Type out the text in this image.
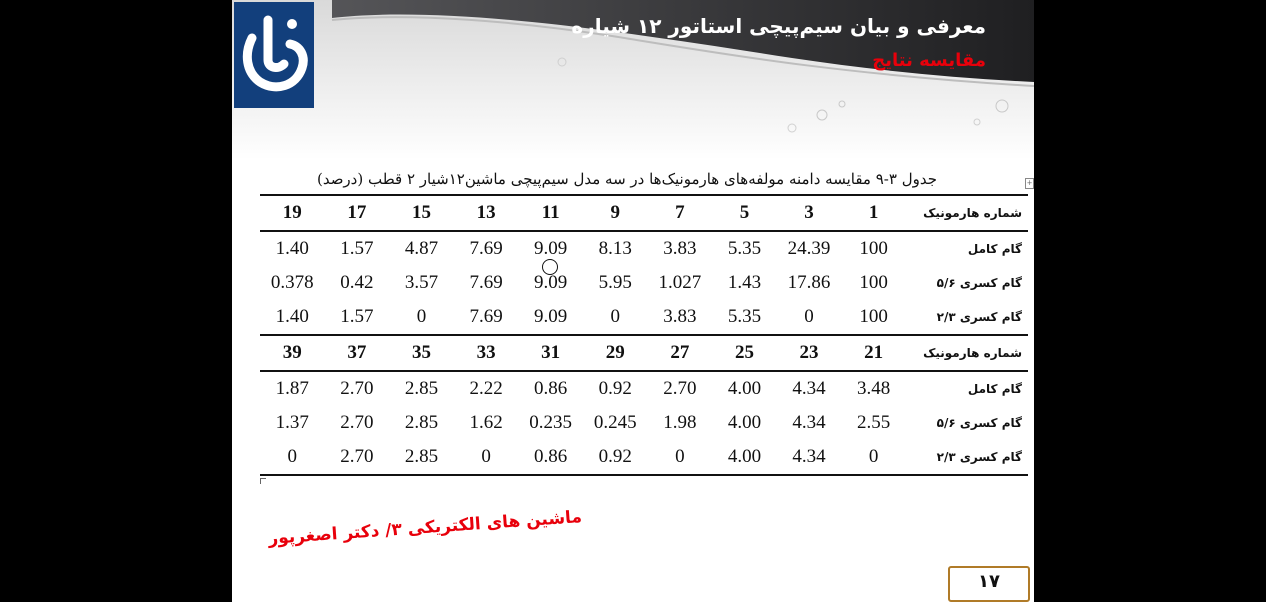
معرفی و بیان سیم‌پیچی استاتور ۱۲ شیاره
مقایسه نتایج
جدول ۳-۹ مقایسه دامنه مولفه‌های هارمونیک‌ها در سه مدل سیم‌پیچی ماشین۱۲شیار ۲ قطب (درصد)	+
19	17	15	13	11	9	7	5	3	1	شماره هارمونیک
1.40	1.57	4.87	7.69	9.09	8.13	3.83	5.35	24.39	100	گام کامل
0.378	0.42	3.57	7.69	9.09	5.95	1.027	1.43	17.86	100	گام کسری ۵/۶
1.40	1.57	0	7.69	9.09	0	3.83	5.35	0	100	گام کسری ۲/۳
39	37	35	33	31	29	27	25	23	21	شماره هارمونیک
1.87	2.70	2.85	2.22	0.86	0.92	2.70	4.00	4.34	3.48	گام کامل
1.37	2.70	2.85	1.62	0.235	0.245	1.98	4.00	4.34	2.55	گام کسری ۵/۶
0	2.70	2.85	0	0.86	0.92	0	4.00	4.34	0	گام کسری ۲/۳
ماشین های الکتریکی ۳/ دکتر اصغرپور
۱۷
